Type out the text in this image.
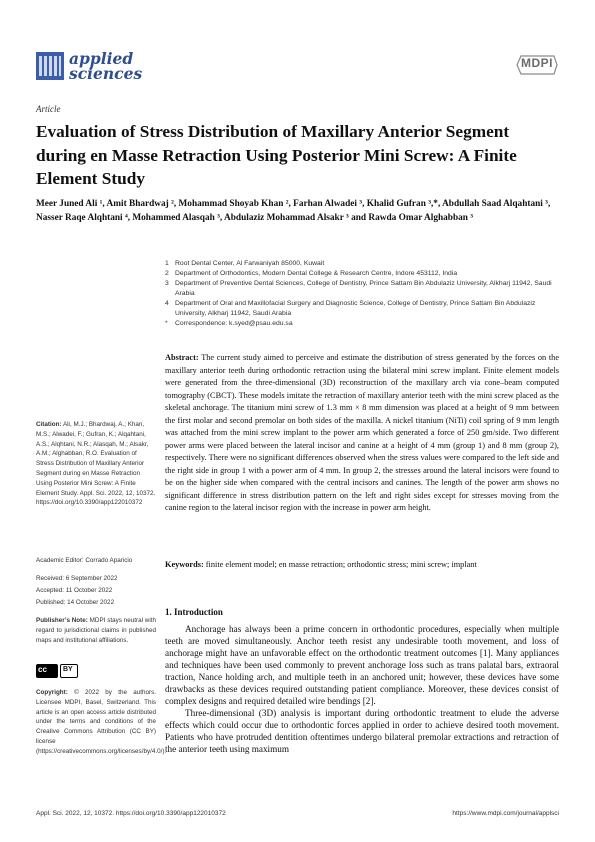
applied
sciences
MDPI
Article
Evaluation of Stress Distribution of Maxillary Anterior Segment during en Masse Retraction Using Posterior Mini Screw: A Finite Element Study
Meer Juned Ali ¹, Amit Bhardwaj ², Mohammad Shoyab Khan ², Farhan Alwadei ³, Khalid Gufran ³,*, Abdullah Saad Alqahtani ³, Nasser Raqe Alqhtani ⁴, Mohammed Alasqah ³, Abdulaziz Mohammad Alsakr ³ and Rawda Omar Alghabban ³
1 Root Dental Center, Al Farwaniyah 85000, Kuwait
2 Department of Orthodontics, Modern Dental College & Research Centre, Indore 453112, India
3 Department of Preventive Dental Sciences, College of Dentistry, Prince Sattam Bin Abdulaziz University, Alkharj 11942, Saudi Arabia
4 Department of Oral and Maxillofacial Surgery and Diagnostic Science, College of Dentistry, Prince Sattam Bin Abdulaziz University, Alkharj 11942, Saudi Arabia
*	Correspondence: k.syed@psau.edu.sa
Abstract: The current study aimed to perceive and estimate the distribution of stress generated by the forces on the maxillary anterior teeth during orthodontic retraction using the bilateral mini screw implant. Finite element models were generated from the three-dimensional (3D) reconstruction of the maxillary arch via cone–beam computed tomography (CBCT). These models imitate the retraction of maxillary anterior teeth with the mini screw placed as the skeletal anchorage. The titanium mini screw of 1.3 mm × 8 mm dimension was placed at a height of 9 mm between the first molar and second premolar on both sides of the maxilla. A nickel titanium (NiTi) coil spring of 9 mm length was attached from the mini screw implant to the power arm which generated a force of 250 gm/side. Two different power arms were placed between the lateral incisor and canine at a height of 4 mm (group 1) and 8 mm (group 2), respectively. There were no significant differences observed when the stress values were compared to the left side and the right side in group 1 with a power arm of 4 mm. In group 2, the stresses around the lateral incisors were found to be on the higher side when compared with the central incisors and canines. The length of the power arm shows no significant difference in stress distribution pattern on the left and right sides except for stresses moving from the canine region to the lateral incisor region with the increase in power arm height.
Keywords: finite element model; en masse retraction; orthodontic stress; mini screw; implant
Citation: Ali, M.J.; Bhardwaj, A.; Khan, M.S.; Alwadei, F.; Gufran, K.; Alqahtani, A.S.; Alqhtani, N.R.; Alasqah, M.; Alsakr, A.M.; Alghabban, R.O. Evaluation of Stress Distribution of Maxillary Anterior Segment during en Masse Retraction Using Posterior Mini Screw: A Finite Element Study. Appl. Sci. 2022, 12, 10372. https://doi.org/10.3390/app122010372
Academic Editor: Corrado Aparicio
Received: 6 September 2022
Accepted: 11 October 2022
Published: 14 October 2022
Publisher’s Note: MDPI stays neutral with regard to jurisdictional claims in published maps and institutional affiliations.
cc BY
Copyright: © 2022 by the authors. Licensee MDPI, Basel, Switzerland. This article is an open access article distributed under the terms and conditions of the Creative Commons Attribution (CC BY) license (https://creativecommons.org/licenses/by/4.0/).
1. Introduction

Anchorage has always been a prime concern in orthodontic procedures, especially when multiple teeth are moved simultaneously. Anchor teeth resist any undesirable tooth movement, and loss of anchorage might have an unfavorable effect on the orthodontic treatment outcomes [1]. Many appliances and techniques have been used commonly to prevent anchorage loss such as trans palatal bars, extraoral traction, Nance holding arch, and multiple teeth in an anchored unit; however, these devices have some drawbacks as these devices required outstanding patient compliance. Moreover, these devices consist of complex designs and required detailed wire bendings [2].

Three-dimensional (3D) analysis is important during orthodontic treatment to elude the adverse effects which could occur due to orthodontic forces applied in order to achieve desired tooth movement. Patients who have protruded dentition oftentimes undergo bilateral premolar extractions and retraction of the anterior teeth using maximum

Appl. Sci. 2022, 12, 10372. https://doi.org/10.3390/app122010372	https://www.mdpi.com/journal/applsci
